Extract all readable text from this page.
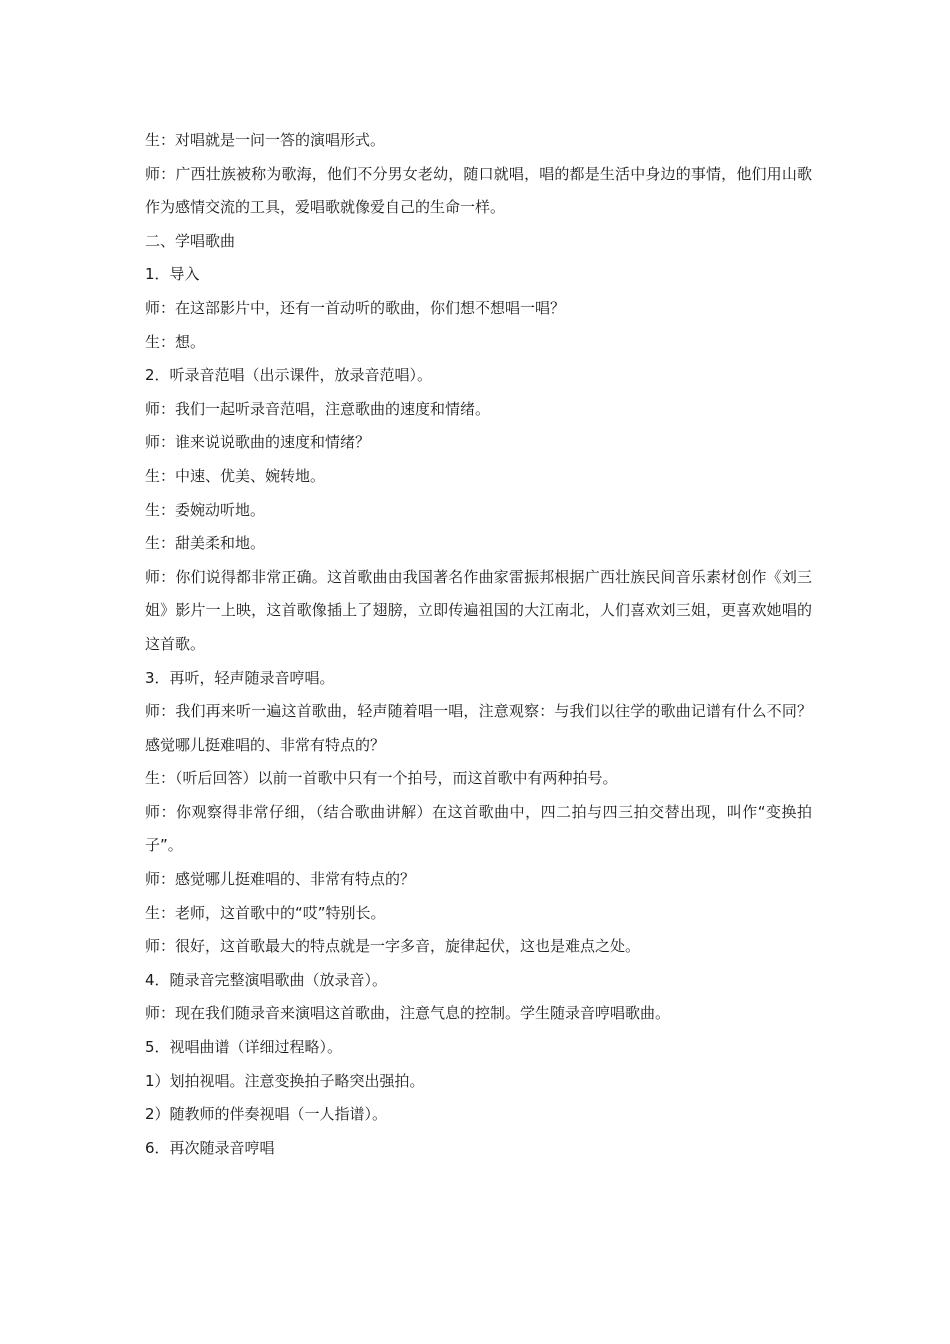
生：对唱就是一问一答的演唱形式。

师：广西壮族被称为歌海，他们不分男女老幼，随口就唱，唱的都是生活中身边的事情，他们用山歌作为感情交流的工具，爱唱歌就像爱自己的生命一样。

二、学唱歌曲

1．导入

师：在这部影片中，还有一首动听的歌曲，你们想不想唱一唱？

生：想。

2．听录音范唱（出示课件，放录音范唱）。

师：我们一起听录音范唱，注意歌曲的速度和情绪。

师：谁来说说歌曲的速度和情绪？

生：中速、优美、婉转地。

生：委婉动听地。

生：甜美柔和地。

师：你们说得都非常正确。这首歌曲由我国著名作曲家雷振邦根据广西壮族民间音乐素材创作《刘三姐》影片一上映，这首歌像插上了翅膀，立即传遍祖国的大江南北，人们喜欢刘三姐，更喜欢她唱的这首歌。

3．再听，轻声随录音哼唱。

师：我们再来听一遍这首歌曲，轻声随着唱一唱，注意观察：与我们以往学的歌曲记谱有什么不同？感觉哪儿挺难唱的、非常有特点的？

生：（听后回答）以前一首歌中只有一个拍号，而这首歌中有两种拍号。

师：你观察得非常仔细，（结合歌曲讲解）在这首歌曲中，四二拍与四三拍交替出现，叫作“变换拍子”。

师：感觉哪儿挺难唱的、非常有特点的？

生：老师，这首歌中的“哎”特别长。

师：很好，这首歌最大的特点就是一字多音，旋律起伏，这也是难点之处。

4．随录音完整演唱歌曲（放录音）。

师：现在我们随录音来演唱这首歌曲，注意气息的控制。学生随录音哼唱歌曲。

5．视唱曲谱（详细过程略）。

1）划拍视唱。注意变换拍子略突出强拍。

2）随教师的伴奏视唱（一人指谱）。

6．再次随录音哼唱
